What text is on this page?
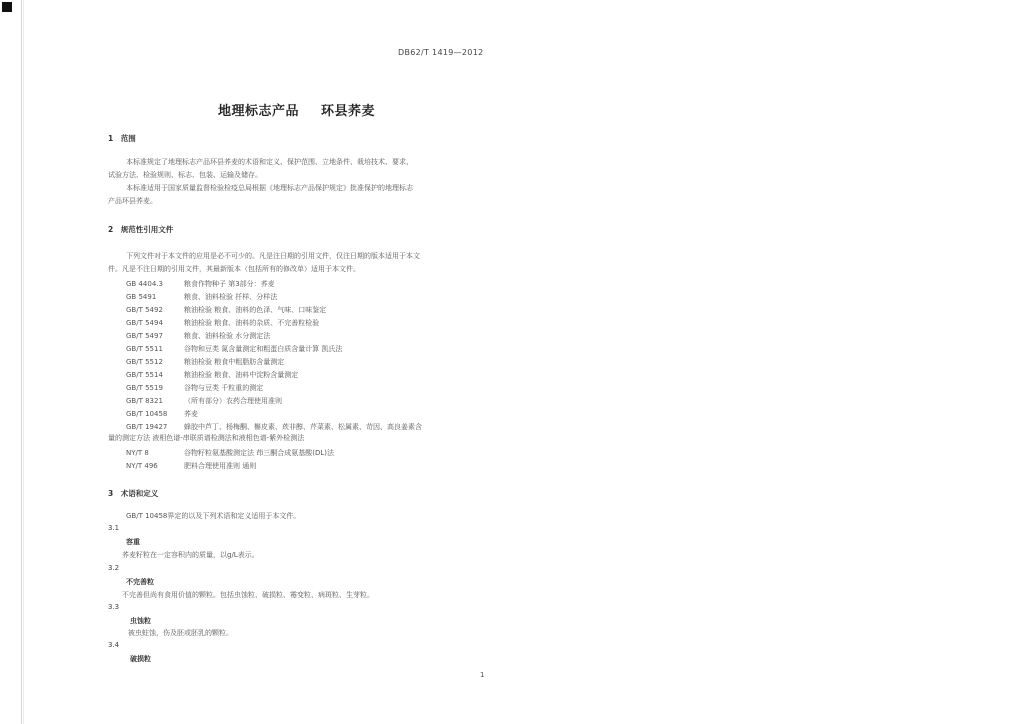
DB62/T 1419—2012
地理标志产品 环县荞麦
1　范围
本标准规定了地理标志产品环县荞麦的术语和定义、保护范围、立地条件、栽培技术、要求、
试验方法、检验规则、标志、包装、运输及储存。
本标准适用于国家质量监督检验检疫总局根据《地理标志产品保护规定》批准保护的地理标志
产品环县荞麦。
2　规范性引用文件
下列文件对于本文件的应用是必不可少的。凡是注日期的引用文件，仅注日期的版本适用于本文
件。凡是不注日期的引用文件，其最新版本（包括所有的修改单）适用于本文件。
GB 4404.3	粮食作物种子 第3部分：荞麦
GB 5491	粮食、油料检验 扦样、分样法
GB/T 5492	粮油检验 粮食、油料的色泽、气味、口味鉴定
GB/T 5494	粮油检验 粮食、油料的杂质、不完善粒检验
GB/T 5497	粮食、油料检验 水分测定法
GB/T 5511	谷物和豆类 氮含量测定和粗蛋白质含量计算 凯氏法
GB/T 5512	粮油检验 粮食中粗脂肪含量测定
GB/T 5514	粮油检验 粮食、油料中淀粉含量测定
GB/T 5519	谷物与豆类 千粒重的测定
GB/T 8321	（所有部分）农药合理使用准则
GB/T 10458 荞麦
GB/T 19427 蜂胶中芦丁、杨梅酮、槲皮素、莰非醇、芹菜素、松属素、苛因、高良姜素含
量的测定方法 液相色谱-串联质谱检测法和液相色谱-紫外检测法
NY/T 8	谷物籽粒氨基酸测定法 茚三酮合成氨基酸(DL)法
NY/T 496	肥料合理使用准则 通则
3　术语和定义
GB/T 10458界定的以及下列术语和定义适用于本文件。
3.1
容重
荞麦籽粒在一定容积内的质量，以g/L表示。
3.2
不完善粒
不完善但尚有食用价值的颗粒。包括虫蚀粒、破损粒、霉变粒、病斑粒、生芽粒。
3.3
虫蚀粒
被虫蛀蚀，伤及胚或胚乳的颗粒。
3.4
破损粒
1
